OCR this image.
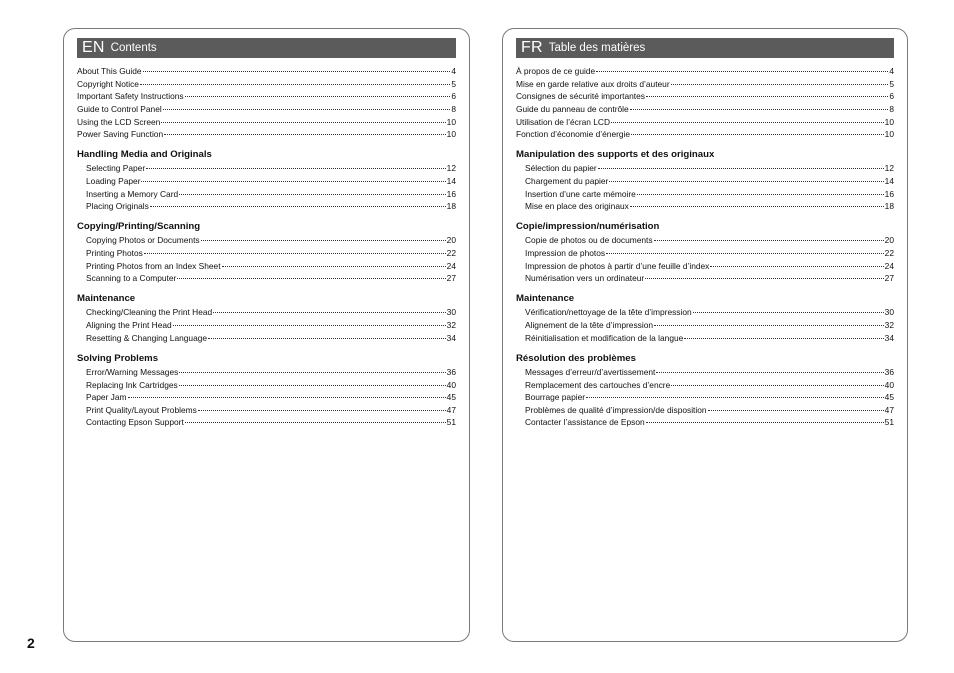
EN Contents
About This Guide	4
Copyright Notice	5
Important Safety Instructions	6
Guide to Control Panel	8
Using the LCD Screen	10
Power Saving Function	10
Handling Media and Originals
Selecting Paper	12
Loading Paper	14
Inserting a Memory Card	16
Placing Originals	18
Copying/Printing/Scanning
Copying Photos or Documents	20
Printing Photos	22
Printing Photos from an Index Sheet	24
Scanning to a Computer	27
Maintenance
Checking/Cleaning the Print Head	30
Aligning the Print Head	32
Resetting & Changing Language	34
Solving Problems
Error/Warning Messages	36
Replacing Ink Cartridges	40
Paper Jam	45
Print Quality/Layout Problems	47
Contacting Epson Support	51
FR Table des matières
À propos de ce guide	4
Mise en garde relative aux droits d’auteur	5
Consignes de sécurité importantes	6
Guide du panneau de contrôle	8
Utilisation de l’écran LCD	10
Fonction d’économie d’énergie	10
Manipulation des supports et des originaux
Sélection du papier	12
Chargement du papier	14
Insertion d’une carte mémoire	16
Mise en place des originaux	18
Copie/impression/numérisation
Copie de photos ou de documents	20
Impression de photos	22
Impression de photos à partir d’une feuille d’index	24
Numérisation vers un ordinateur	27
Maintenance
Vérification/nettoyage de la tête d’impression	30
Alignement de la tête d’impression	32
Réinitialisation et modification de la langue	34
Résolution des problèmes
Messages d’erreur/d’avertissement	36
Remplacement des cartouches d’encre	40
Bourrage papier	45
Problèmes de qualité d’impression/de disposition	47
Contacter l’assistance de Epson	51
2
